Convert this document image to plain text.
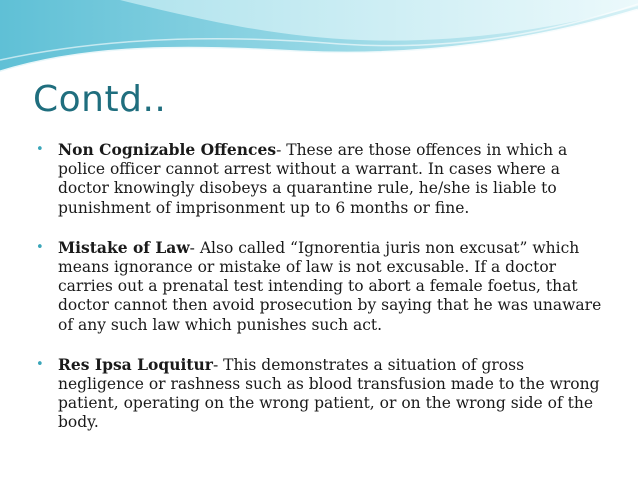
Contd..
• Non Cognizable Offences- These are those offences in which a police officer cannot arrest without a warrant. In cases where a doctor knowingly disobeys a quarantine rule, he/she is liable to punishment of imprisonment up to 6 months or fine.
• Mistake of Law- Also called “Ignorentia juris non excusat” which means ignorance or mistake of law is not excusable. If a doctor carries out a prenatal test intending to abort a female foetus, that doctor cannot then avoid prosecution by saying that he was unaware of any such law which punishes such act.
• Res Ipsa Loquitur- This demonstrates a situation of gross negligence or rashness such as blood transfusion made to the wrong patient, operating on the wrong patient, or on the wrong side of the body.
